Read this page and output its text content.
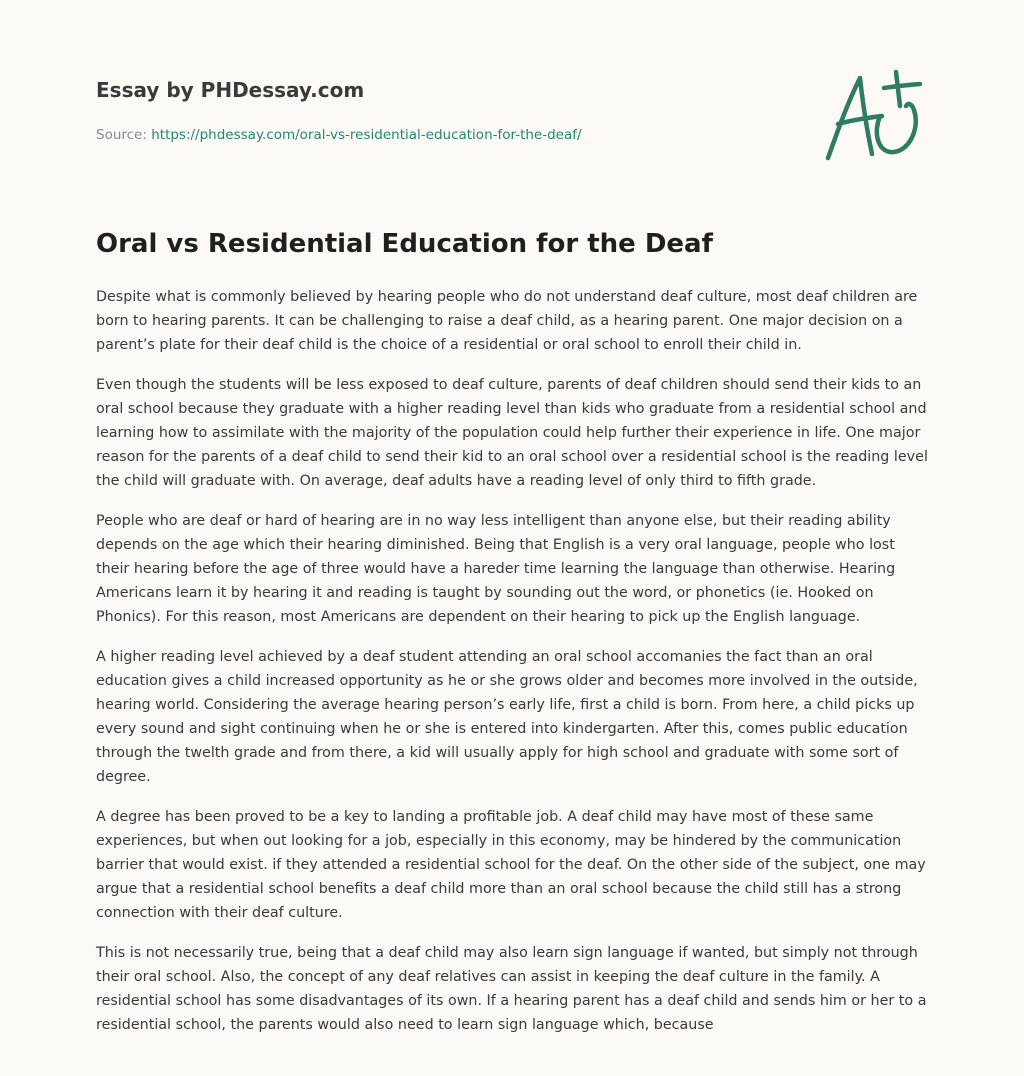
Essay by PHDessay.com
Source: https://phdessay.com/oral-vs-residential-education-for-the-deaf/
Oral vs Residential Education for the Deaf

Despite what is commonly believed by hearing people who do not understand deaf culture, most deaf children are born to hearing parents. It can be challenging to raise a deaf child, as a hearing parent. One major decision on a parent’s plate for their deaf child is the choice of a residential or oral school to enroll their child in.

Even though the students will be less exposed to deaf culture, parents of deaf children should send their kids to an oral school because they graduate with a higher reading level than kids who graduate from a residential school and learning how to assimilate with the majority of the population could help further their experience in life. One major reason for the parents of a deaf child to send their kid to an oral school over a residential school is the reading level the child will graduate with. On average, deaf adults have a reading level of only third to fifth grade.

People who are deaf or hard of hearing are in no way less intelligent than anyone else, but their reading ability depends on the age which their hearing diminished. Being that English is a very oral language, people who lost their hearing before the age of three would have a hareder time learning the language than otherwise. Hearing Americans learn it by hearing it and reading is taught by sounding out the word, or phonetics (ie. Hooked on Phonics). For this reason, most Americans are dependent on their hearing to pick up the English language.

A higher reading level achieved by a deaf student attending an oral school accomanies the fact than an oral education gives a child increased opportunity as he or she grows older and becomes more involved in the outside, hearing world. Considering the average hearing person’s early life, first a child is born. From here, a child picks up every sound and sight continuing when he or she is entered into kindergarten. After this, comes public education through the twelth grade and from there, a kid will usually apply for high school and graduate with some sort of degree.

A degree has been proved to be a key to landing a profitable job. A deaf child may have most of these same experiences, but when out looking for a job, especially in this economy, may be hindered by the communication barrier that would exist. if they attended a residential school for the deaf. On the other side of the subject, one may argue that a residential school benefits a deaf child more than an oral school because the child still has a strong connection with their deaf culture.

This is not necessarily true, being that a deaf child may also learn sign language if wanted, but simply not through their oral school. Also, the concept of any deaf relatives can assist in keeping the deaf culture in the family. A residential school has some disadvantages of its own. If a hearing parent has a deaf child and sends him or her to a residential school, the parents would also need to learn sign language which, because
